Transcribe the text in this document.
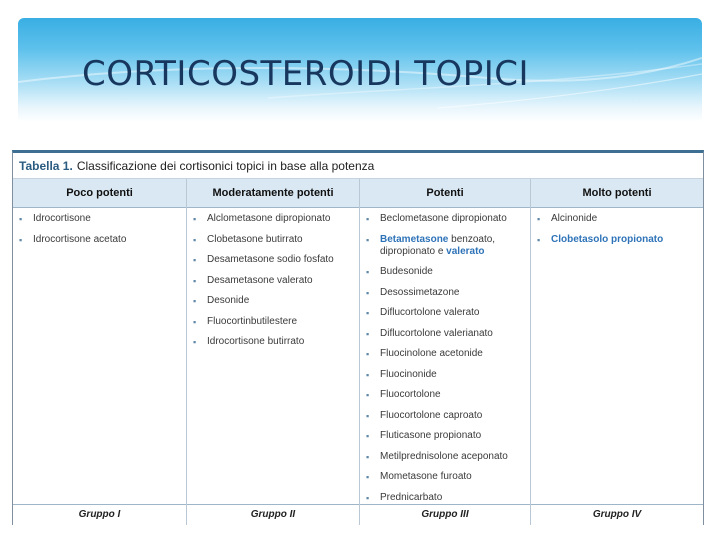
CORTICOSTEROIDI TOPICI
Tabella 1. Classificazione dei cortisonici topici in base alla potenza
Poco potenti
▪ Idrocortisone
▪ Idrocortisone acetato
Gruppo I
Moderatamente potenti
▪ Alclometasone dipropionato
▪ Clobetasone butirrato
▪ Desametasone sodio fosfato
▪ Desametasone valerato
▪ Desonide
▪ Fluocortinbutilestere
▪ Idrocortisone butirrato
Gruppo II
Potenti
▪ Beclometasone dipropionato
▪ Betametasone benzoato, dipropionato e valerato
▪ Budesonide
▪ Desossimetazone
▪ Diflucortolone valerato
▪ Diflucortolone valerianato
▪ Fluocinolone acetonide
▪ Fluocinonide
▪ Fluocortolone
▪ Fluocortolone caproato
▪ Fluticasone propionato
▪ Metilprednisolone aceponato
▪ Mometasone furoato
▪ Prednicarbato
Gruppo III
Molto potenti
▪ Alcinonide
▪ Clobetasolo propionato
Gruppo IV
